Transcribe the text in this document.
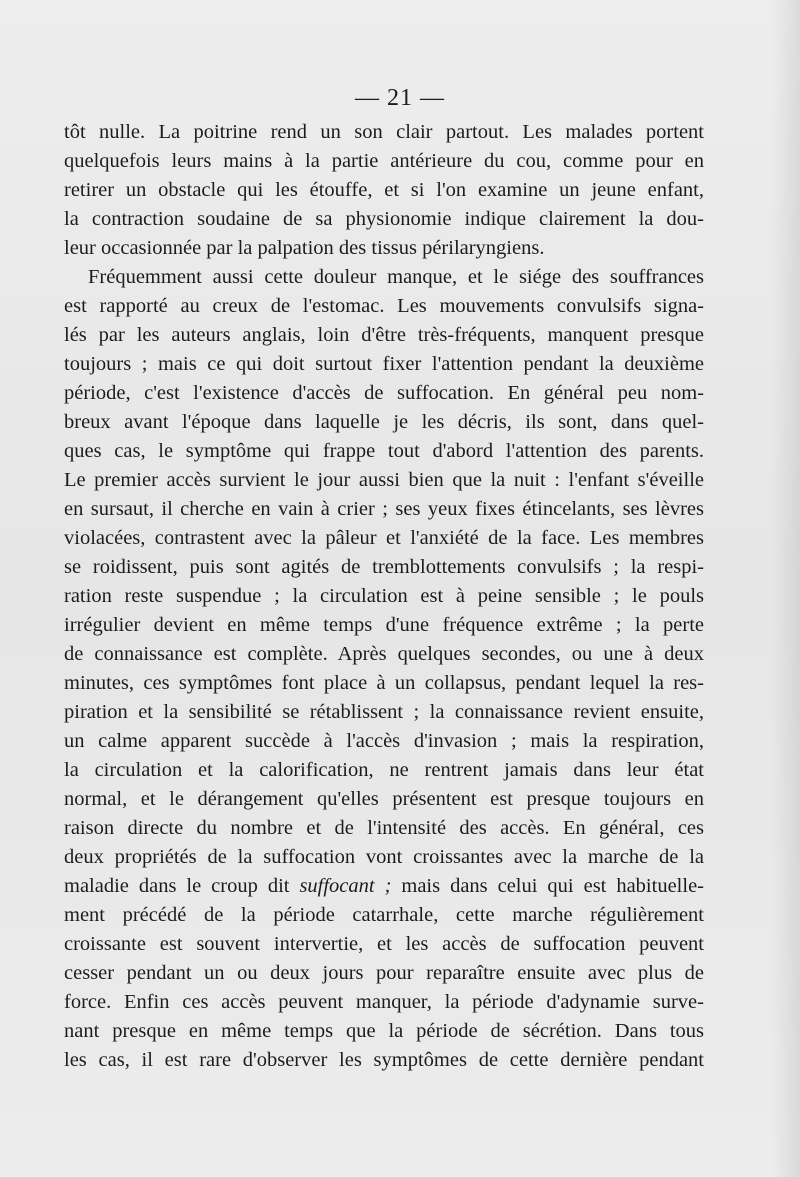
— 21 —
tôt nulle. La poitrine rend un son clair partout. Les malades portent
quelquefois leurs mains à la partie antérieure du cou, comme pour en
retirer un obstacle qui les étouffe, et si l'on examine un jeune enfant,
la contraction soudaine de sa physionomie indique clairement la dou-
leur occasionnée par la palpation des tissus périlaryngiens.
Fréquemment aussi cette douleur manque, et le siége des souffrances
est rapporté au creux de l'estomac. Les mouvements convulsifs signa-
lés par les auteurs anglais, loin d'être très-fréquents, manquent presque
toujours ; mais ce qui doit surtout fixer l'attention pendant la deuxième
période, c'est l'existence d'accès de suffocation. En général peu nom-
breux avant l'époque dans laquelle je les décris, ils sont, dans quel-
ques cas, le symptôme qui frappe tout d'abord l'attention des parents.
Le premier accès survient le jour aussi bien que la nuit : l'enfant s'éveille
en sursaut, il cherche en vain à crier ; ses yeux fixes étincelants, ses lèvres
violacées, contrastent avec la pâleur et l'anxiété de la face. Les membres
se roidissent, puis sont agités de tremblottements convulsifs ; la respi-
ration reste suspendue ; la circulation est à peine sensible ; le pouls
irrégulier devient en même temps d'une fréquence extrême ; la perte
de connaissance est complète. Après quelques secondes, ou une à deux
minutes, ces symptômes font place à un collapsus, pendant lequel la res-
piration et la sensibilité se rétablissent ; la connaissance revient ensuite,
un calme apparent succède à l'accès d'invasion ; mais la respiration,
la circulation et la calorification, ne rentrent jamais dans leur état
normal, et le dérangement qu'elles présentent est presque toujours en
raison directe du nombre et de l'intensité des accès. En général, ces
deux propriétés de la suffocation vont croissantes avec la marche de la
maladie dans le croup dit suffocant ; mais dans celui qui est habituelle-
ment précédé de la période catarrhale, cette marche régulièrement
croissante est souvent intervertie, et les accès de suffocation peuvent
cesser pendant un ou deux jours pour reparaître ensuite avec plus de
force. Enfin ces accès peuvent manquer, la période d'adynamie surve-
nant presque en même temps que la période de sécrétion. Dans tous
les cas, il est rare d'observer les symptômes de cette dernière pendant
